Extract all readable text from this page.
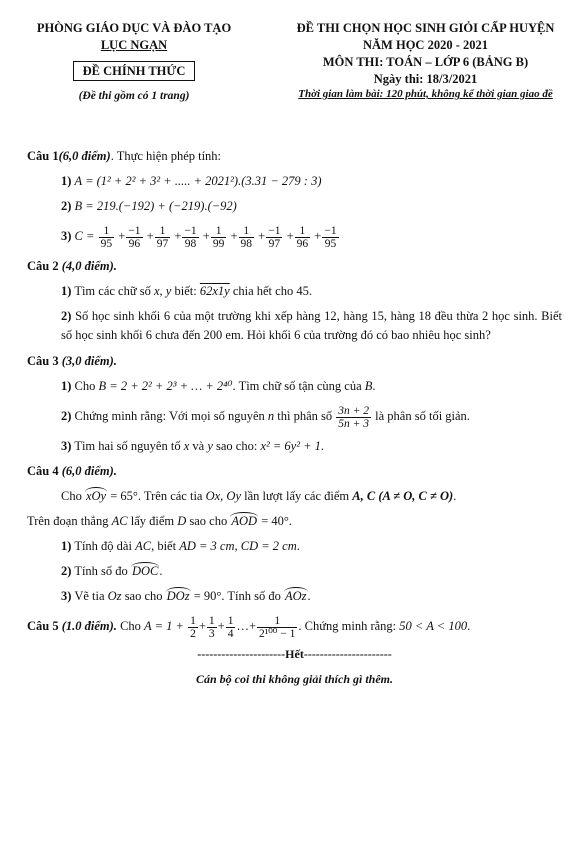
PHÒNG GIÁO DỤC VÀ ĐÀO TẠO
LỤC NGẠN
ĐỀ CHÍNH THỨC
(Đề thi gồm có 1 trang)
ĐỀ THI CHỌN HỌC SINH GIỎI CẤP HUYỆN
NĂM HỌC 2020 - 2021
MÔN THI: TOÁN – LỚP 6 (BẢNG B)
Ngày thi: 18/3/2021
Thời gian làm bài: 120 phút, không kể thời gian giao đề
Câu 1(6,0 điểm). Thực hiện phép tính:
1) A = (1² + 2² + 3² + ..... + 2021²).(3.31 − 279 : 3)
2) B = 219.(−192) + (−219).(−92)
3) $C = \frac{1}{95} + \frac{-1}{96} + \frac{1}{97} + \frac{-1}{98} + \frac{1}{99} + \frac{1}{98} + \frac{-1}{97} + \frac{1}{96} + \frac{-1}{95}$
Câu 2 (4,0 điểm).
1) Tìm các chữ số x, y biết: 62x1y chia hết cho 45.
2) Số học sinh khối 6 của một trường khi xếp hàng 12, hàng 15, hàng 18 đều thừa 2 học sinh. Biết số học sinh khối 6 chưa đến 200 em. Hỏi khối 6 của trường đó có bao nhiêu học sinh?
Câu 3 (3,0 điểm).
1) Cho B = 2 + 2² + 2³ + … + 2⁴⁰. Tìm chữ số tận cùng của B.
2) Chứng minh rằng: Với mọi số nguyên n thì phân số $\frac{3n + 2}{5n + 3}$ là phân số tối giản.
3) Tìm hai số nguyên tố x và y sao cho: x² = 6y² + 1.
Câu 4 (6,0 điểm).
Cho xOy = 65°. Trên các tia Ox, Oy lần lượt lấy các điểm A, C (A ≠ O, C ≠ O).
Trên đoạn thẳng AC lấy điểm D sao cho AOD = 40°.
1) Tính độ dài AC, biết AD = 3 cm, CD = 2 cm.
2) Tính số đo DOC.
3) Vẽ tia Oz sao cho DOz = 90°. Tính số đo AOz.
Câu 5 (1.0 điểm). Cho $A = 1 + \frac{1}{2} + \frac{1}{3} + \frac{1}{4}$ …+ $\frac{1}{\text{2¹⁰⁰ − 1}}$ . Chứng minh rằng: 50 < A < 100.
----------------------Hết----------------------
Cán bộ coi thi không giải thích gì thêm.
